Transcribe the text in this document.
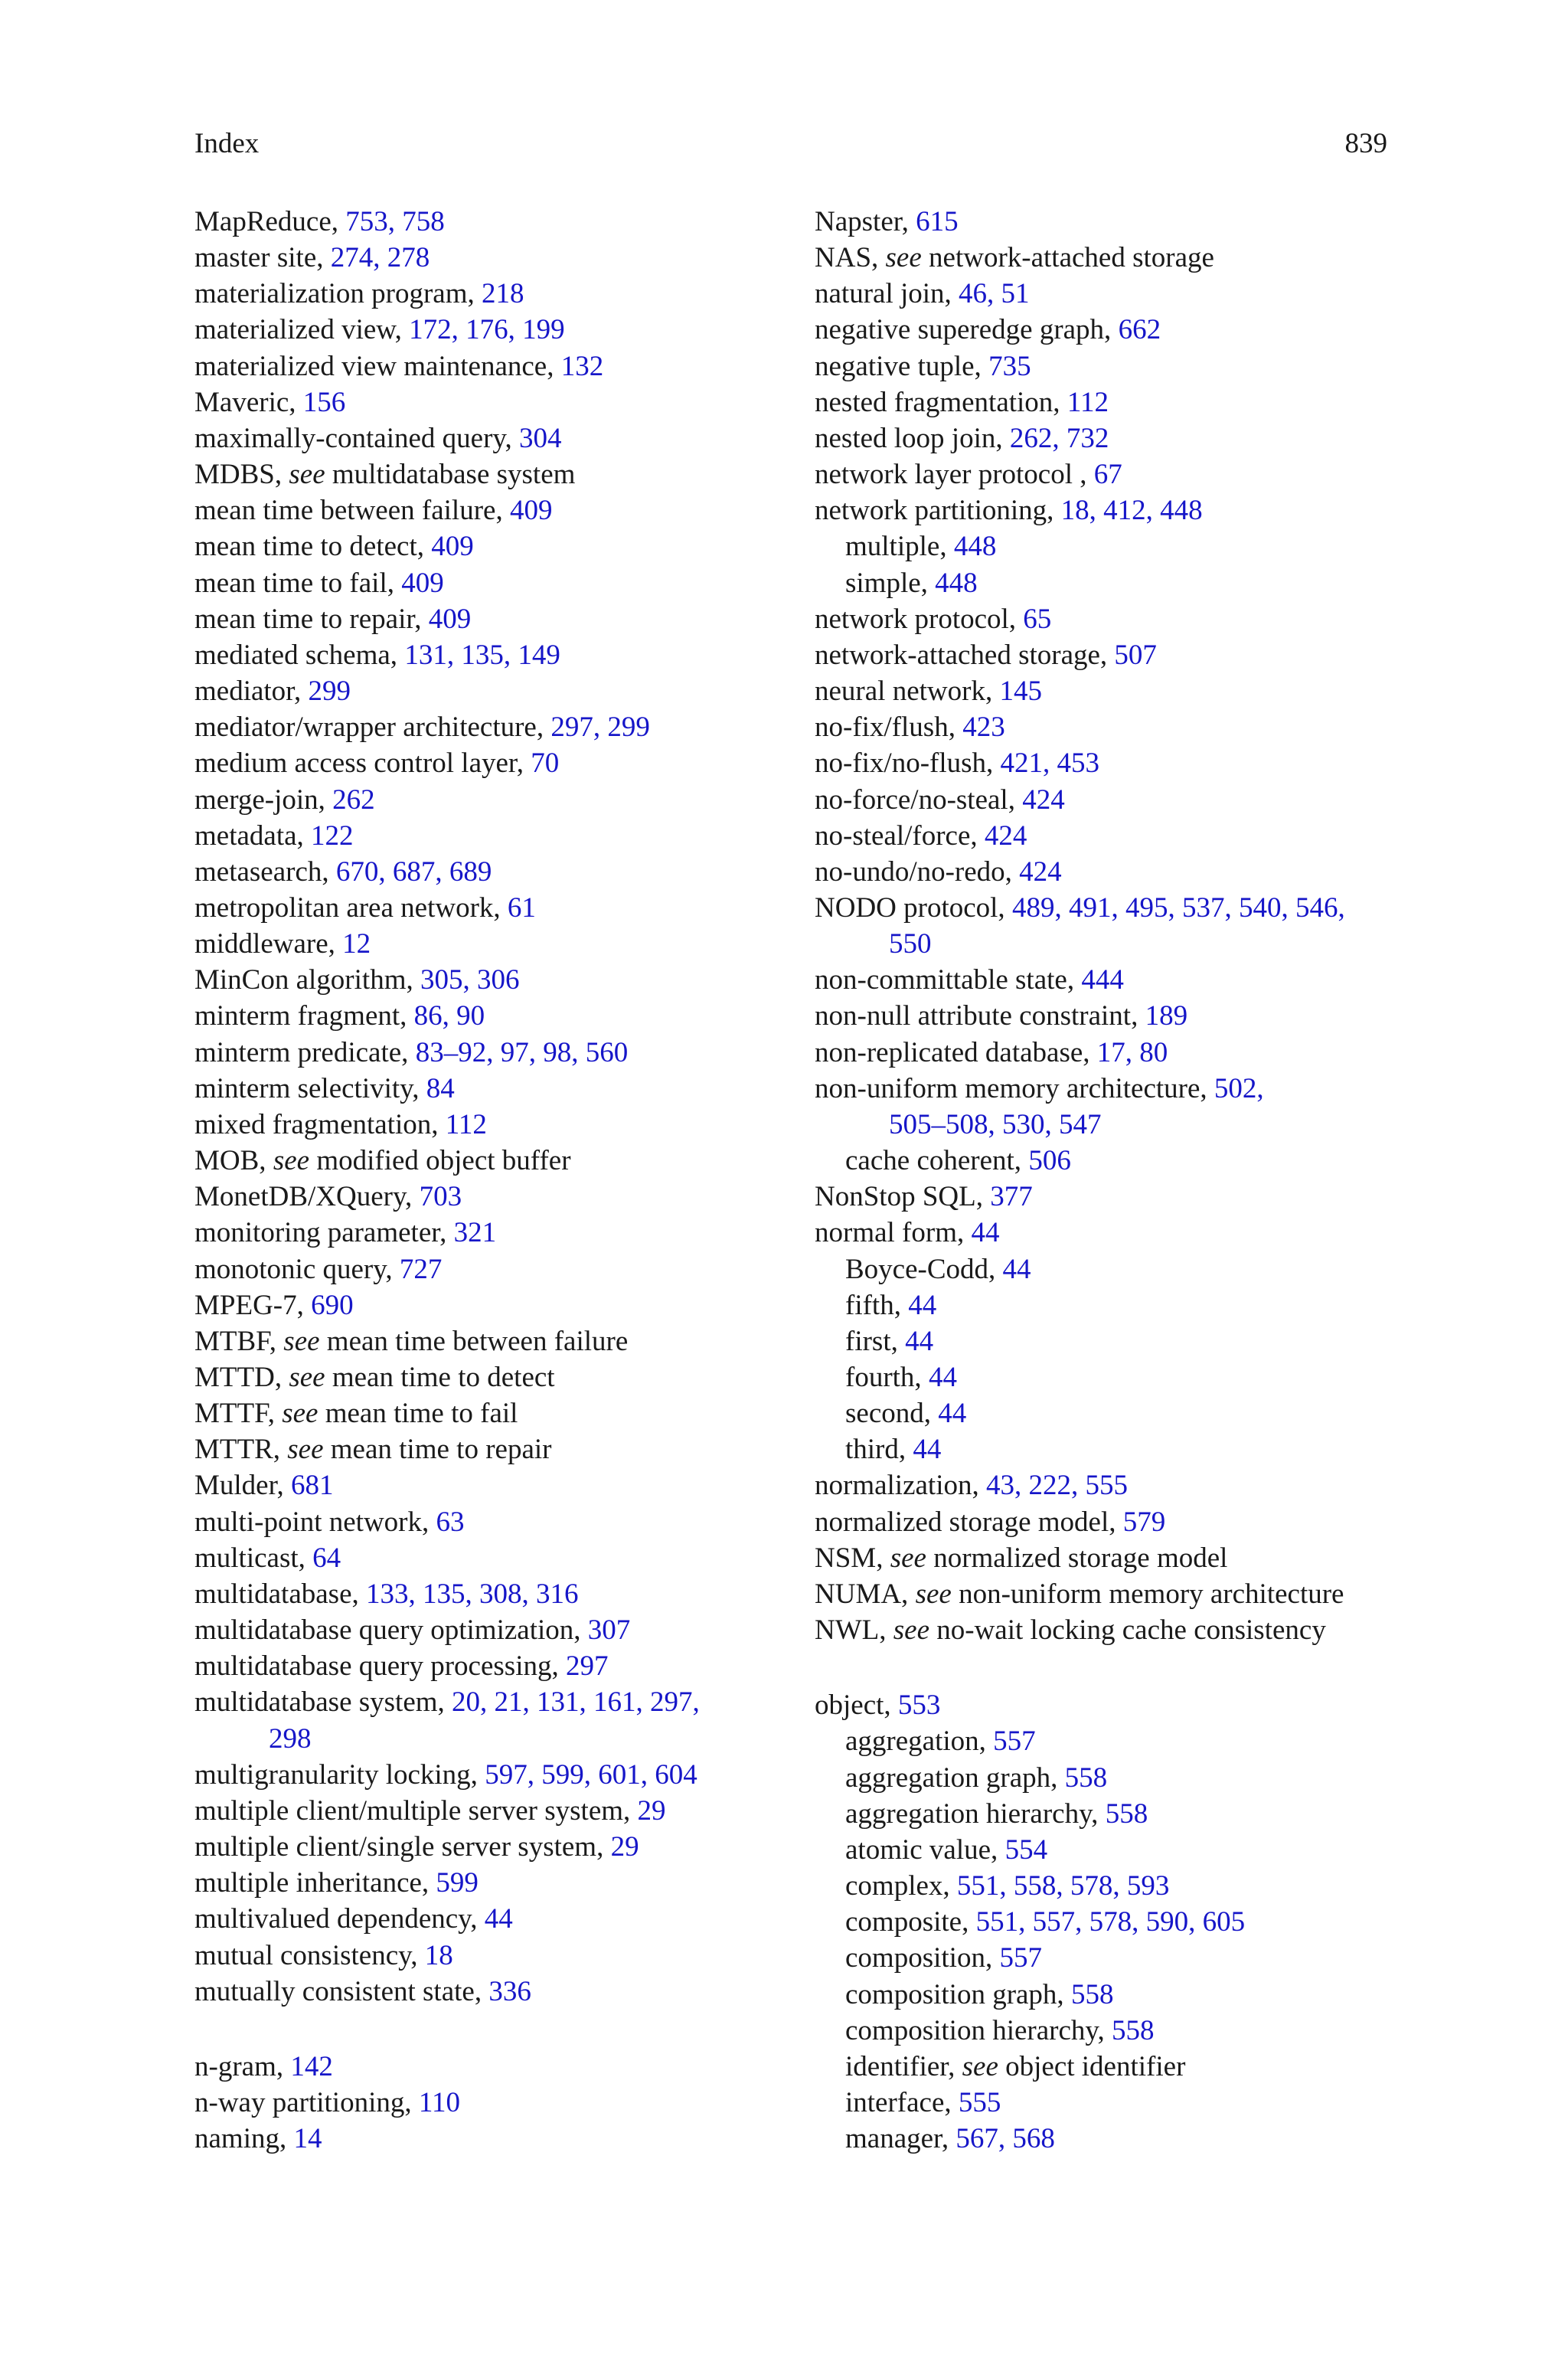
Index	839
MapReduce, 753, 758
master site, 274, 278
materialization program, 218
materialized view, 172, 176, 199
materialized view maintenance, 132
Maveric, 156
maximally-contained query, 304
MDBS, see multidatabase system
mean time between failure, 409
mean time to detect, 409
mean time to fail, 409
mean time to repair, 409
mediated schema, 131, 135, 149
mediator, 299
mediator/wrapper architecture, 297, 299
medium access control layer, 70
merge-join, 262
metadata, 122
metasearch, 670, 687, 689
metropolitan area network, 61
middleware, 12
MinCon algorithm, 305, 306
minterm fragment, 86, 90
minterm predicate, 83–92, 97, 98, 560
minterm selectivity, 84
mixed fragmentation, 112
MOB, see modified object buffer
MonetDB/XQuery, 703
monitoring parameter, 321
monotonic query, 727
MPEG-7, 690
MTBF, see mean time between failure
MTTD, see mean time to detect
MTTF, see mean time to fail
MTTR, see mean time to repair
Mulder, 681
multi-point network, 63
multicast, 64
multidatabase, 133, 135, 308, 316
multidatabase query optimization, 307
multidatabase query processing, 297
multidatabase system, 20, 21, 131, 161, 297,
298
multigranularity locking, 597, 599, 601, 604
multiple client/multiple server system, 29
multiple client/single server system, 29
multiple inheritance, 599
multivalued dependency, 44
mutual consistency, 18
mutually consistent state, 336
n-gram, 142
n-way partitioning, 110
naming, 14
Napster, 615
NAS, see network-attached storage
natural join, 46, 51
negative superedge graph, 662
negative tuple, 735
nested fragmentation, 112
nested loop join, 262, 732
network layer protocol , 67
network partitioning, 18, 412, 448
multiple, 448
simple, 448
network protocol, 65
network-attached storage, 507
neural network, 145
no-fix/flush, 423
no-fix/no-flush, 421, 453
no-force/no-steal, 424
no-steal/force, 424
no-undo/no-redo, 424
NODO protocol, 489, 491, 495, 537, 540, 546,
550
non-committable state, 444
non-null attribute constraint, 189
non-replicated database, 17, 80
non-uniform memory architecture, 502,
505–508, 530, 547
cache coherent, 506
NonStop SQL, 377
normal form, 44
Boyce-Codd, 44
fifth, 44
first, 44
fourth, 44
second, 44
third, 44
normalization, 43, 222, 555
normalized storage model, 579
NSM, see normalized storage model
NUMA, see non-uniform memory architecture
NWL, see no-wait locking cache consistency
object, 553
aggregation, 557
aggregation graph, 558
aggregation hierarchy, 558
atomic value, 554
complex, 551, 558, 578, 593
composite, 551, 557, 578, 590, 605
composition, 557
composition graph, 558
composition hierarchy, 558
identifier, see object identifier
interface, 555
manager, 567, 568
